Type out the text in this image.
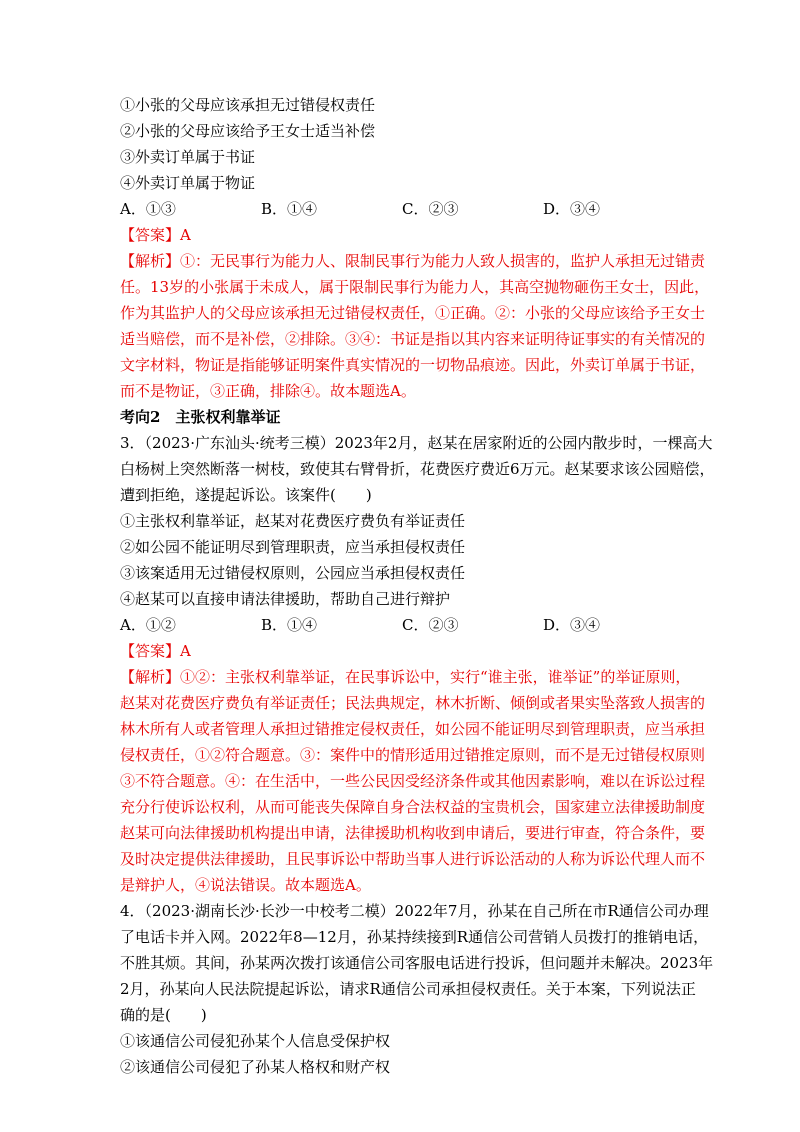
①小张的父母应该承担无过错侵权责任
②小张的父母应该给予王女士适当补偿
③外卖订单属于书证
④外卖订单属于物证
A．①③	B．①④	C．②③	D．③④
【答案】A
【解析】①：无民事行为能力人、限制民事行为能力人致人损害的，监护人承担无过错责
任。13岁的小张属于未成人，属于限制民事行为能力人，其高空抛物砸伤王女士，因此，
作为其监护人的父母应该承担无过错侵权责任，①正确。②：小张的父母应该给予王女士
适当赔偿，而不是补偿，②排除。③④：书证是指以其内容来证明待证事实的有关情况的
文字材料，物证是指能够证明案件真实情况的一切物品痕迹。因此，外卖订单属于书证，
而不是物证，③正确，排除④。故本题选A。
考向2　主张权利靠举证
3．（2023·广东汕头·统考三模）2023年2月，赵某在居家附近的公园内散步时，一棵高大
白杨树上突然断落一树枝，致使其右臂骨折，花费医疗费近6万元。赵某要求该公园赔偿，
遭到拒绝，遂提起诉讼。该案件(　　)
①主张权利靠举证，赵某对花费医疗费负有举证责任
②如公园不能证明尽到管理职责，应当承担侵权责任
③该案适用无过错侵权原则，公园应当承担侵权责任
④赵某可以直接申请法律援助，帮助自己进行辩护
A．①②	B．①④	C．②③	D．③④
【答案】A
【解析】①②：主张权利靠举证，在民事诉讼中，实行“谁主张，谁举证”的举证原则，
赵某对花费医疗费负有举证责任；民法典规定，林木折断、倾倒或者果实坠落致人损害的
林木所有人或者管理人承担过错推定侵权责任，如公园不能证明尽到管理职责，应当承担
侵权责任，①②符合题意。③：案件中的情形适用过错推定原则，而不是无过错侵权原则
③不符合题意。④：在生活中，一些公民因受经济条件或其他因素影响，难以在诉讼过程
充分行使诉讼权利，从而可能丧失保障自身合法权益的宝贵机会，国家建立法律援助制度
赵某可向法律援助机构提出申请，法律援助机构收到申请后，要进行审查，符合条件，要
及时决定提供法律援助，且民事诉讼中帮助当事人进行诉讼活动的人称为诉讼代理人而不
是辩护人，④说法错误。故本题选A。
4．（2023·湖南长沙·长沙一中校考二模）2022年7月，孙某在自己所在市R通信公司办理
了电话卡并入网。2022年8—12月，孙某持续接到R通信公司营销人员拨打的推销电话，
不胜其烦。其间，孙某两次拨打该通信公司客服电话进行投诉，但问题并未解决。2023年
2月，孙某向人民法院提起诉讼，请求R通信公司承担侵权责任。关于本案，下列说法正
确的是(　　)
①该通信公司侵犯孙某个人信息受保护权
②该通信公司侵犯了孙某人格权和财产权
